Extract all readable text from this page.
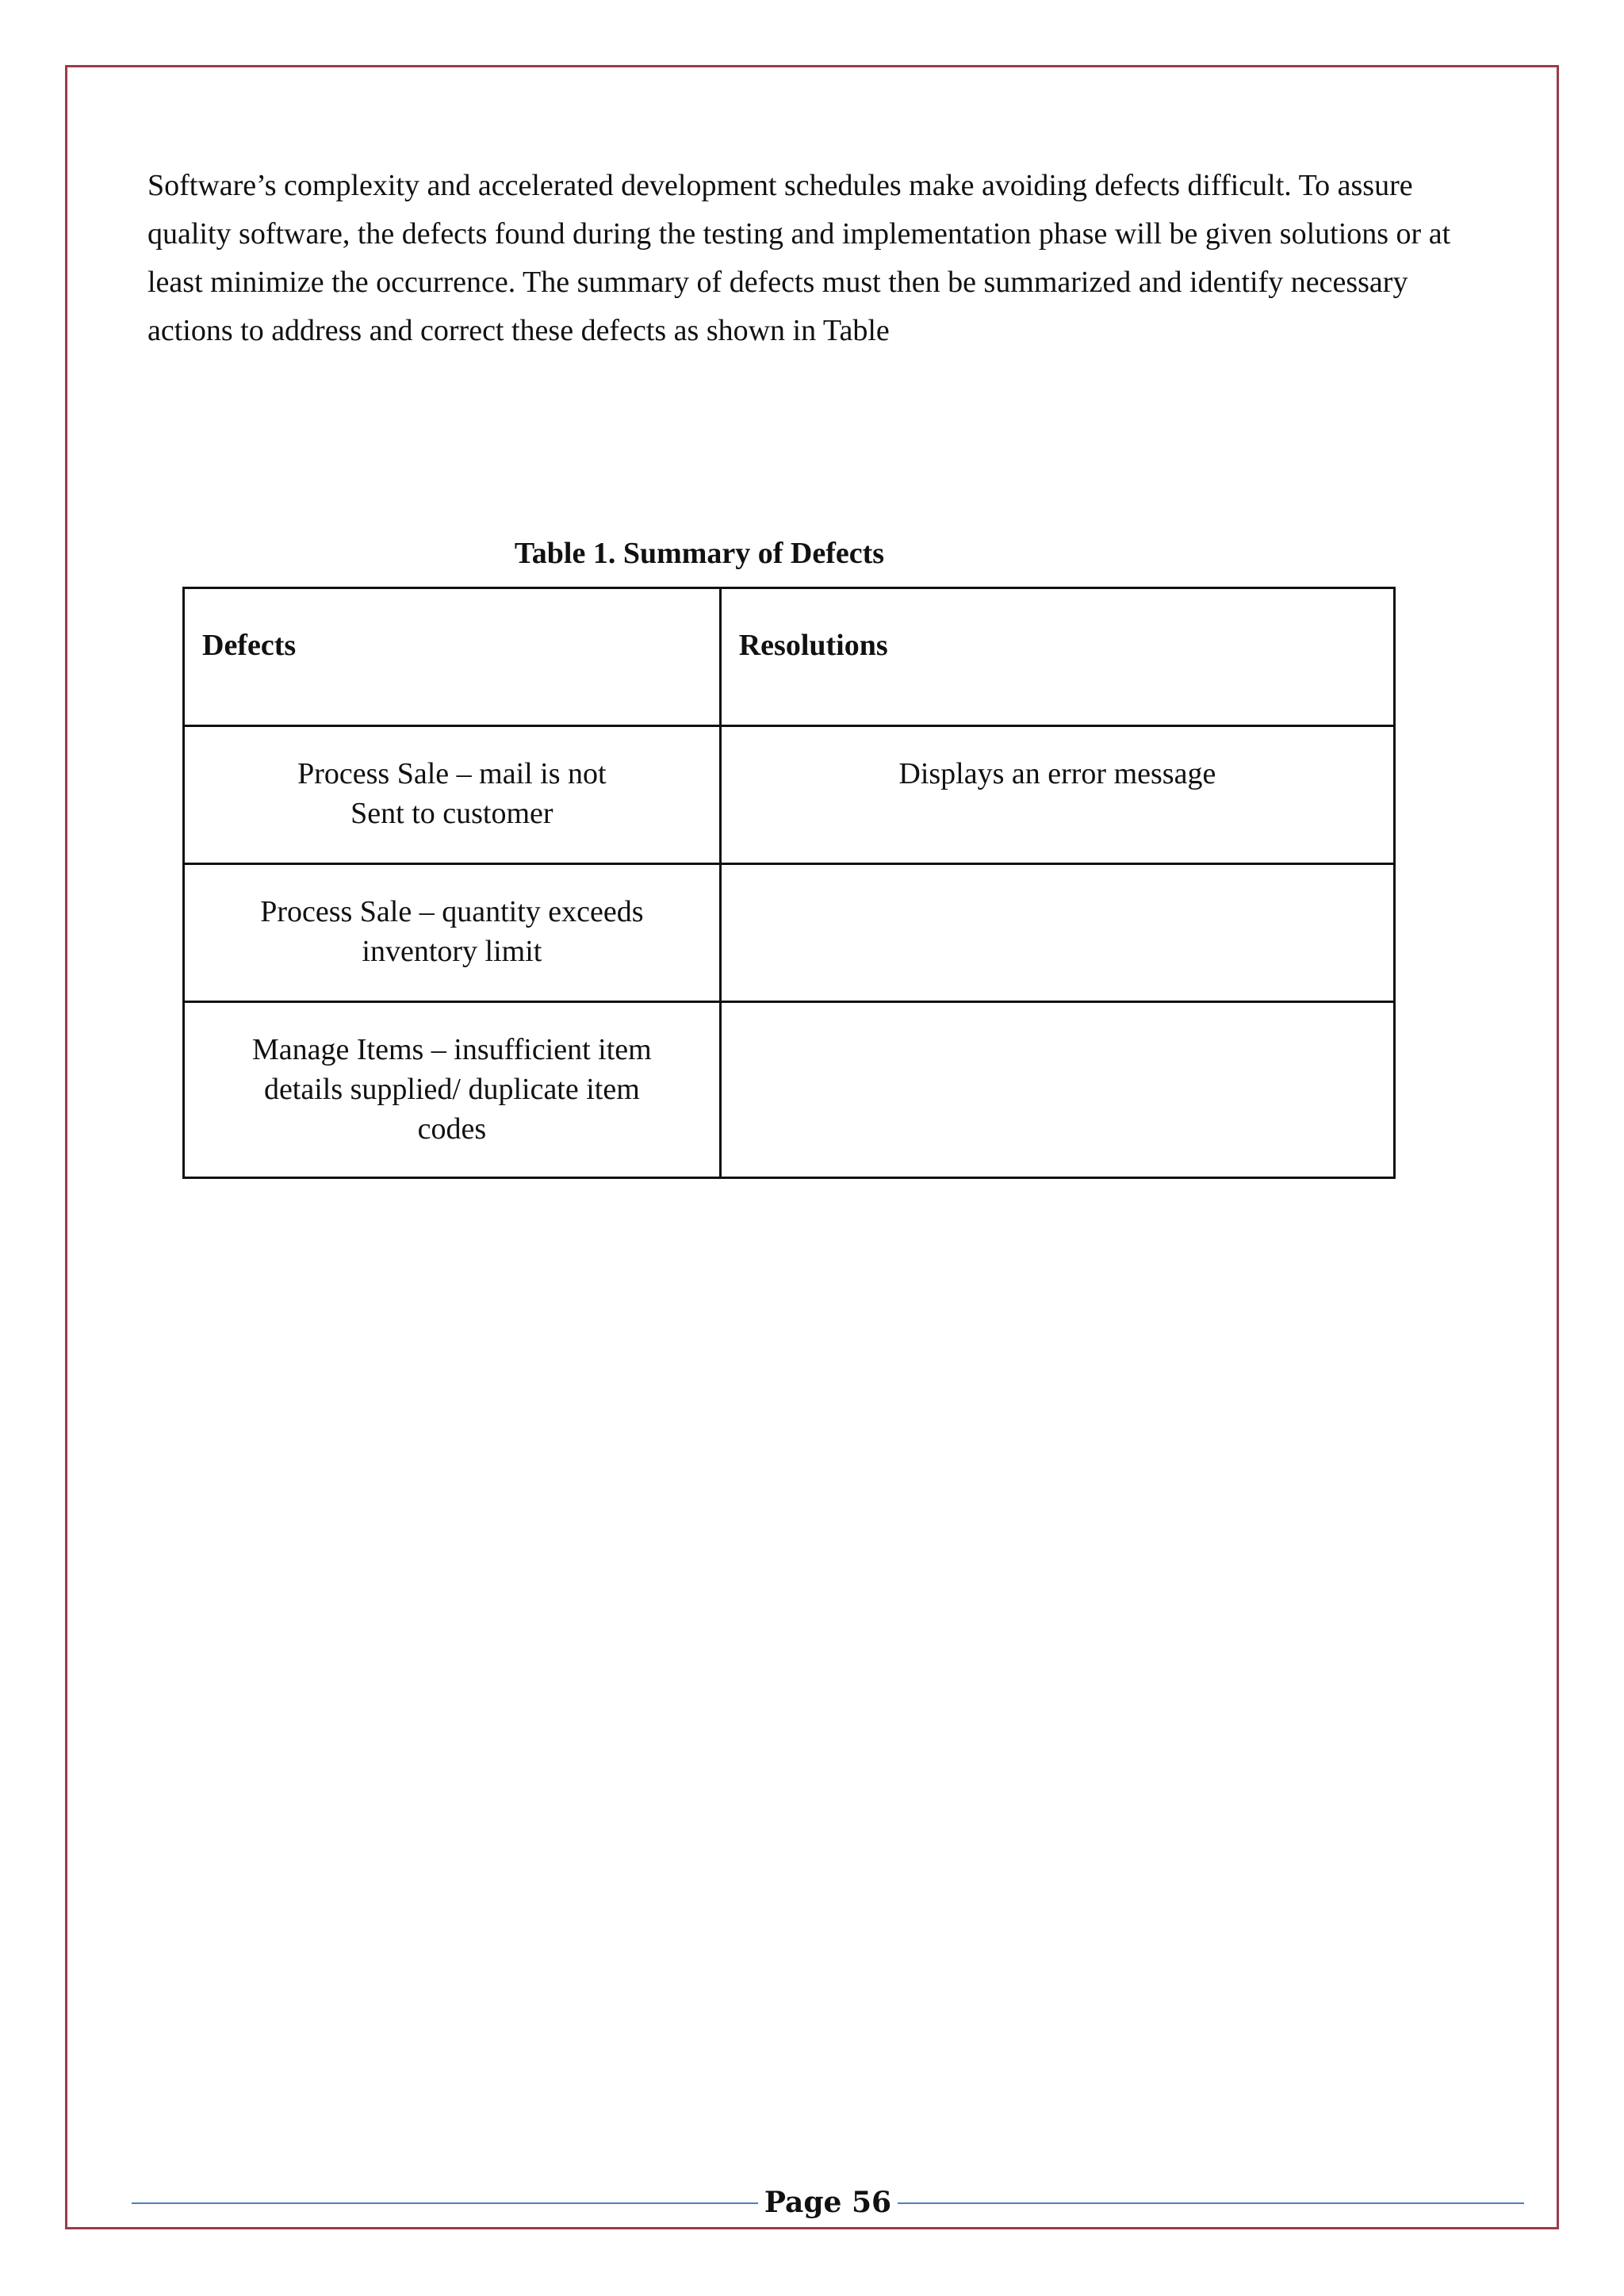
Software’s complexity and accelerated development schedules make avoiding defects difficult. To assure quality software, the defects found during the testing and implementation phase will be given solutions or at least minimize the occurrence. The summary of defects must then be summarized and identify necessary actions to address and correct these defects as shown in Table

Table 1. Summary of Defects

Defects	Resolutions

Process Sale – mail is not
Sent to customer	Displays an error message

Process Sale – quantity exceeds
inventory limit	

Manage Items – insufficient item
details supplied/ duplicate item
codes	

Page 56
